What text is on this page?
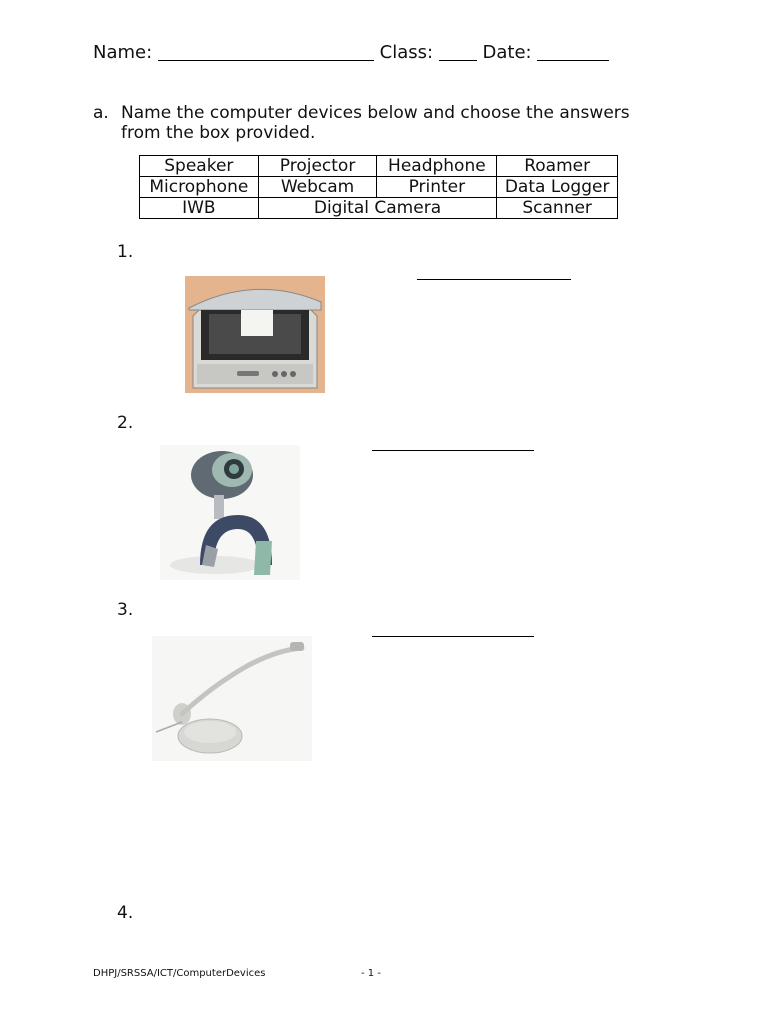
Name:	Class:	Date:
a. Name the computer devices below and choose the answers
from the box provided.
Speaker	Projector	Headphone	Roamer
Microphone	Webcam	Printer	Data Logger
IWB	Digital Camera		Scanner
1.
2.
3.
4.
DHPJ/SRSSA/ICT/ComputerDevices	- 1 -
